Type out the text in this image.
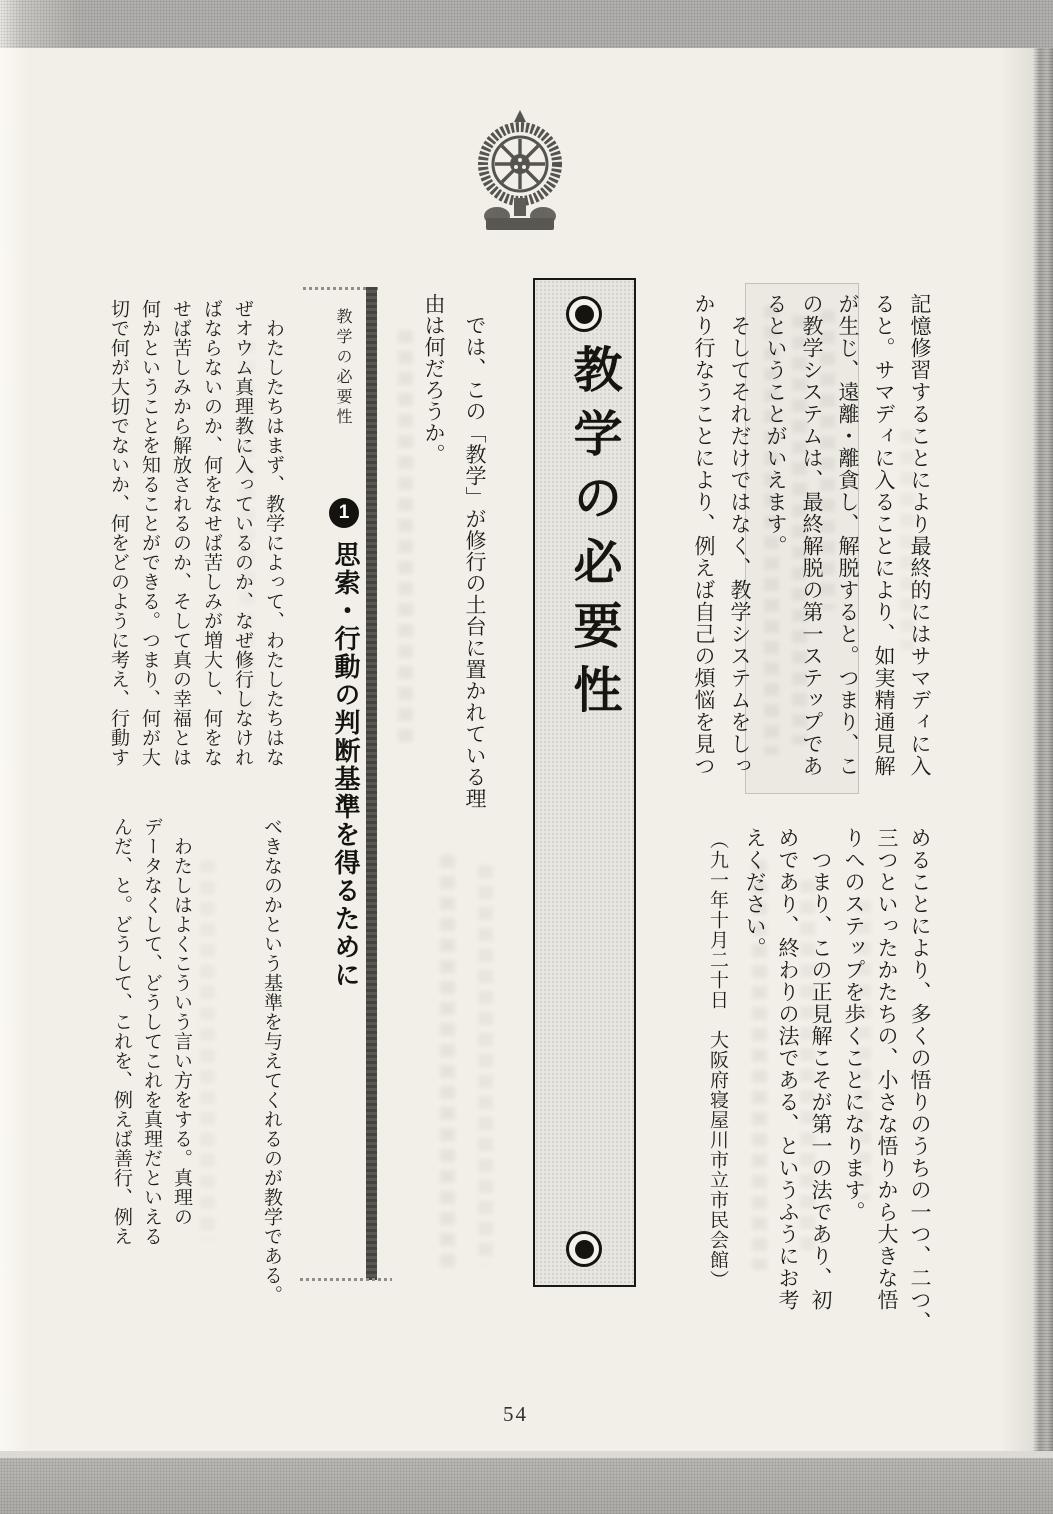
記憶修習することにより最終的にはサマディに入
ると。サマディに入ることにより、如実精通見解
が生じ、遠離・離貪し、解脱すると。つまり、こ
の教学システムは、最終解脱の第一ステップであ
るということがいえます。
　そしてそれだけではなく、教学システムをしっ
かり行なうことにより、例えば自己の煩悩を見つ
めることにより、多くの悟りのうちの一つ、二つ、
三つといったかたちの、小さな悟りから大きな悟
りへのステップを歩くことになります。
　つまり、この正見解こそが第一の法であり、初
めであり、終わりの法である、というふうにお考
えください。
（九一年十月二十日　大阪府寝屋川市立市民会館）
教学の必要性
　では、この「教学」が修行の土台に置かれている理
由は何だろうか。
教学の必要性
1
思索・行動の判断基準を得るために
　わたしたちはまず、教学によって、わたしたちはな
ぜオウム真理教に入っているのか、なぜ修行しなけれ
ばならないのか、何をなせば苦しみが増大し、何をな
せば苦しみから解放されるのか、そして真の幸福とは
何かということを知ることができる。つまり、何が大
切で何が大切でないか、何をどのように考え、行動す
べきなのかという基準を与えてくれるのが教学である。
　わたしはよくこういう言い方をする。真理の
データなくして、どうしてこれを真理だといえる
んだ、と。どうして、これを、例えば善行、例え
54
